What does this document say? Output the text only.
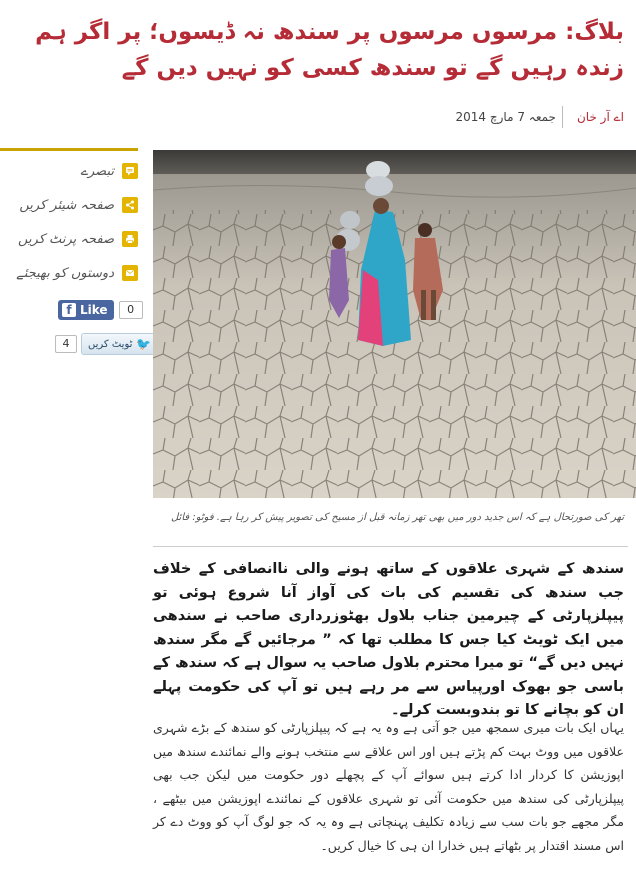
بلاگ: مرسوں مرسوں پر سندھ نہ ڈیسوں؛ پر اگر ہم زندہ رہیں گے تو سندھ کسی کو نہیں دیں گے
اے آر خان
جمعہ 7 مارچ 2014
تبصرے
صفحہ شیئر کریں
صفحہ پرنٹ کریں
دوستوں کو بھیجئے
f Like	0
4	🐦
ٹویٹ کریں
تھر کی صورتحال ہے کہ اس جدید دور میں بھی تھر زمانہ قبل از مسیح کی تصویر پیش کر رہا ہے. فوٹو: فائل

سندھ کے شہری علاقوں کے ساتھ ہونے والی ناانصافی کے خلاف جب سندھ کی تقسیم کی بات کی آواز آنا شروع ہوئی تو پیپلزپارٹی کے چیرمین جناب بلاول بھٹوزرداری صاحب نے سندھی میں ایک ٹویٹ کیا جس کا مطلب تھا کہ ” مرجائیں گے مگر سندھ نہیں دیں گے“ تو میرا محترم بلاول صاحب یہ سوال ہے کہ سندھ کے باسی جو بھوک اورپیاس سے مر رہے ہیں تو آپ کی حکومت پہلے ان کو بچانے کا تو بندوبست کرلے۔

یہاں ایک بات میری سمجھ میں جو آتی ہے وہ یہ ہے کہ پیپلزپارٹی کو سندھ کے بڑے شہری علاقوں میں ووٹ بہت کم پڑتے ہیں اور اس علاقے سے منتخب ہونے والے نمائندے سندھ میں اپوزیشن کا کردار ادا کرتے ہیں سوائے آپ کے پچھلے دور حکومت میں لیکن جب بھی پیپلزپارٹی کی سندھ میں حکومت آئی تو شہری علاقوں کے نمائندے اپوزیشن میں بیٹھے ، مگر مجھے جو بات سب سے زیادہ تکلیف پہنچاتی ہے وہ یہ کہ جو لوگ آپ کو ووٹ دے کر اس مسند اقتدار پر بٹھاتے ہیں خدارا ان ہی کا خیال کریں۔
